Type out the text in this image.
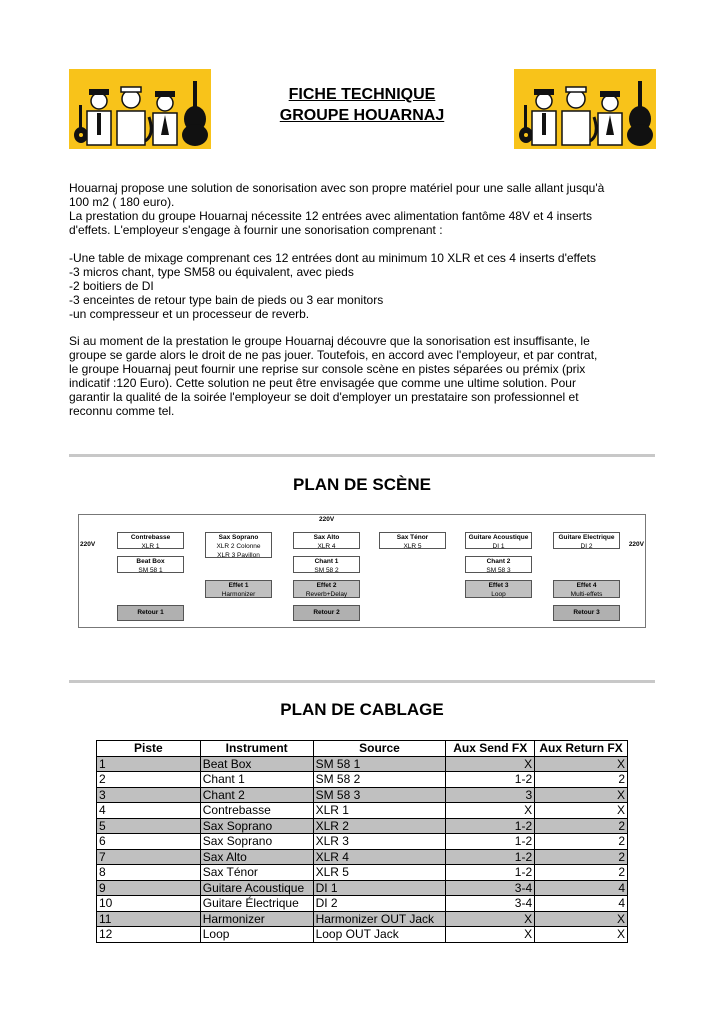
FICHE TECHNIQUE
GROUPE HOUARNAJ
Houarnaj propose une solution de sonorisation avec son propre matériel pour une salle allant jusqu'à
100 m2 ( 180 euro).
La prestation du groupe Houarnaj nécessite 12 entrées avec alimentation fantôme 48V et 4 inserts
d'effets. L'employeur s'engage à fournir une sonorisation comprenant :
-Une table de mixage comprenant ces 12 entrées dont au minimum 10 XLR et ces 4 inserts d'effets
-3 micros chant, type SM58 ou équivalent, avec pieds
-2 boitiers de DI
-3 enceintes de retour type bain de pieds ou 3 ear monitors
-un compresseur et un processeur de reverb.
Si au moment de la prestation le groupe Houarnaj découvre que la sonorisation est insuffisante, le
groupe se garde alors le droit de ne pas jouer. Toutefois, en accord avec l'employeur, et par contrat,
le groupe Houarnaj peut fournir une reprise sur console scène en pistes séparées ou prémix (prix
indicatif :120 Euro). Cette solution ne peut être envisagée que comme une ultime solution. Pour
garantir la qualité de la soirée l'employeur se doit d'employer un prestataire son professionnel et
reconnu comme tel.
PLAN DE SCÈNE
220V
220V	220V
Contrebasse
XLR 1
Sax Soprano
XLR 2 Colonne
XLR 3 Pavillon
Sax Alto
XLR 4
Sax Ténor
XLR 5
Guitare Acoustique
DI 1
Guitare Electrique
DI 2
Beat Box
SM 58 1
Chant 1
SM 58 2
Chant 2
SM 58 3
Effet 1
Harmonizer
Effet 2
Reverb+Delay
Effet 3
Loop
Effet 4
Multi-effets
Retour 1	Retour 2	Retour 3
PLAN DE CABLAGE
Piste	Instrument	Source	Aux Send FX	Aux Return FX
1	Beat Box	SM 58 1	X	X
2	Chant 1	SM 58 2	1-2	2
3	Chant 2	SM 58 3	3	X
4	Contrebasse	XLR 1	X	X
5	Sax Soprano	XLR 2	1-2	2
6	Sax Soprano	XLR 3	1-2	2
7	Sax Alto	XLR 4	1-2	2
8	Sax Ténor	XLR 5	1-2	2
9	Guitare Acoustique	DI 1	3-4	4
10	Guitare Électrique	DI 2	3-4	4
11	Harmonizer	Harmonizer OUT Jack	X	X
12	Loop	Loop OUT Jack	X	X
